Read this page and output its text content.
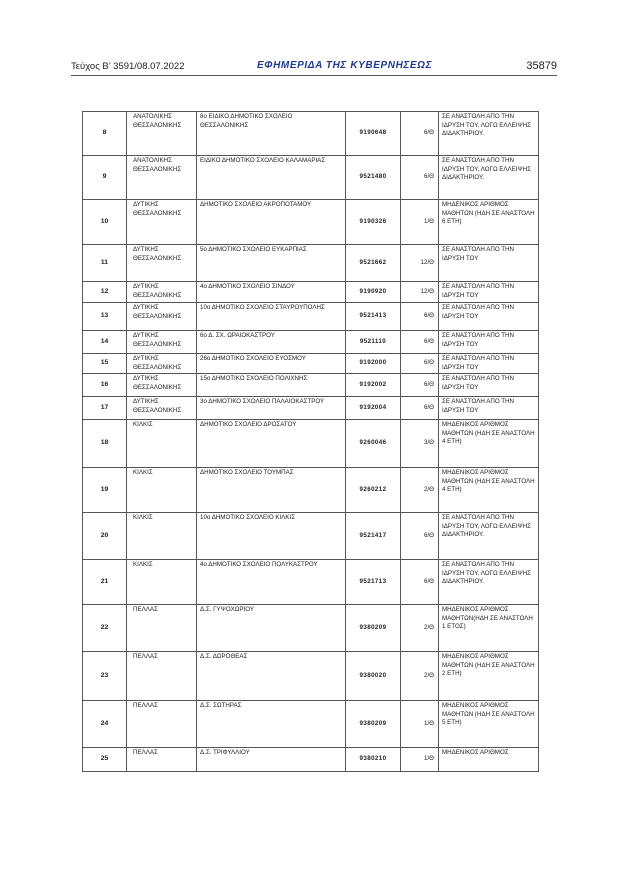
Τεύχος Β’ 3591/08.07.2022	ΕΦΗΜΕΡΙΔΑ ΤΗΣ ΚΥΒΕΡΝΗΣΕΩΣ	35879
8	ΑΝΑΤΟΛΙΚΗΣ ΘΕΣΣΑΛΟΝΙΚΗΣ	8ο ΕΙΔΙΚΟ ΔΗΜΟΤΙΚΟ ΣΧΟΛΕΙΟ ΘΕΣΣΑΛΟΝΙΚΗΣ	9190648	6/Θ	ΣΕ ΑΝΑΣΤΟΛΗ ΑΠΟ ΤΗΝ ΙΔΡΥΣΗ ΤΟΥ, ΛΟΓΩ ΕΛΛΕΙΨΗΣ ΔΙΔΑΚΤΗΡΙΟΥ.
9	ΑΝΑΤΟΛΙΚΗΣ ΘΕΣΣΑΛΟΝΙΚΗΣ	ΕΙΔΙΚΟ ΔΗΜΟΤΙΚΟ ΣΧΟΛΕΙΟ ΚΑΛΑΜΑΡΙΑΣ	9521480	6/Θ	ΣΕ ΑΝΑΣΤΟΛΗ ΑΠΟ ΤΗΝ ΙΔΡΥΣΗ ΤΟΥ, ΛΟΓΩ ΕΛΛΕΙΨΗΣ ΔΙΔΑΚΤΗΡΙΟΥ.
10	ΔΥΤΙΚΗΣ ΘΕΣΣΑΛΟΝΙΚΗΣ	ΔΗΜΟΤΙΚΟ ΣΧΟΛΕΙΟ ΑΚΡΟΠΟΤΑΜΟΥ	9190326	1/Θ	ΜΗΔΕΝΙΚΟΣ ΑΡΙΘΜΟΣ ΜΑΘΗΤΩΝ (ΗΔΗ ΣΕ ΑΝΑΣΤΟΛΗ 6 ΕΤΗ)
11	ΔΥΤΙΚΗΣ ΘΕΣΣΑΛΟΝΙΚΗΣ	5ο ΔΗΜΟΤΙΚΟ ΣΧΟΛΕΙΟ ΕΥΚΑΡΠΙΑΣ	9521662	12/Θ	ΣΕ ΑΝΑΣΤΟΛΗ ΑΠΟ ΤΗΝ ΙΔΡΥΣΗ ΤΟΥ
12	ΔΥΤΙΚΗΣ ΘΕΣΣΑΛΟΝΙΚΗΣ	4ο ΔΗΜΟΤΙΚΟ ΣΧΟΛΕΙΟ ΣΙΝΔΟΥ	9190920	12/Θ	ΣΕ ΑΝΑΣΤΟΛΗ ΑΠΟ ΤΗΝ ΙΔΡΥΣΗ ΤΟΥ
13	ΔΥΤΙΚΗΣ ΘΕΣΣΑΛΟΝΙΚΗΣ	10ο ΔΗΜΟΤΙΚΟ ΣΧΟΛΕΙΟ ΣΤΑΥΡΟΥΠΟΛΗΣ	9521413	6/Θ	ΣΕ ΑΝΑΣΤΟΛΗ ΑΠΟ ΤΗΝ ΙΔΡΥΣΗ ΤΟΥ
14	ΔΥΤΙΚΗΣ ΘΕΣΣΑΛΟΝΙΚΗΣ	6ο Δ. ΣΧ. ΩΡΑΙΟΚΑΣΤΡΟΥ	9521110	6/Θ	ΣΕ ΑΝΑΣΤΟΛΗ ΑΠΟ ΤΗΝ ΙΔΡΥΣΗ ΤΟΥ
15	ΔΥΤΙΚΗΣ ΘΕΣΣΑΛΟΝΙΚΗΣ	26ο ΔΗΜΟΤΙΚΟ ΣΧΟΛΕΙΟ ΕΥΟΣΜΟΥ	9192000	6/Θ	ΣΕ ΑΝΑΣΤΟΛΗ ΑΠΟ ΤΗΝ ΙΔΡΥΣΗ ΤΟΥ
16	ΔΥΤΙΚΗΣ ΘΕΣΣΑΛΟΝΙΚΗΣ	15ο ΔΗΜΟΤΙΚΟ ΣΧΟΛΕΙΟ ΠΟΛΙΧΝΗΣ	9192002	6/Θ	ΣΕ ΑΝΑΣΤΟΛΗ ΑΠΟ ΤΗΝ ΙΔΡΥΣΗ ΤΟΥ
17	ΔΥΤΙΚΗΣ ΘΕΣΣΑΛΟΝΙΚΗΣ	3ο ΔΗΜΟΤΙΚΟ ΣΧΟΛΕΙΟ ΠΑΛΑΙΟΚΑΣΤΡΟΥ	9192004	6/Θ	ΣΕ ΑΝΑΣΤΟΛΗ ΑΠΟ ΤΗΝ ΙΔΡΥΣΗ ΤΟΥ
18	ΚΙΛΚΙΣ	ΔΗΜΟΤΙΚΟ ΣΧΟΛΕΙΟ ΔΡΟΣΑΤΟΥ	9260046	3/Θ	ΜΗΔΕΝΙΚΟΣ ΑΡΙΘΜΟΣ ΜΑΘΗΤΩΝ (ΗΔΗ ΣΕ ΑΝΑΣΤΟΛΗ 4 ΕΤΗ)
19	ΚΙΛΚΙΣ	ΔΗΜΟΤΙΚΟ ΣΧΟΛΕΙΟ ΤΟΥΜΠΑΣ	9260212	2/Θ	ΜΗΔΕΝΙΚΟΣ ΑΡΙΘΜΟΣ ΜΑΘΗΤΩΝ (ΗΔΗ ΣΕ ΑΝΑΣΤΟΛΗ 4 ΕΤΗ)
20	ΚΙΛΚΙΣ	10ο ΔΗΜΟΤΙΚΟ ΣΧΟΛΕΙΟ ΚΙΛΚΙΣ	9521417	6/Θ	ΣΕ ΑΝΑΣΤΟΛΗ ΑΠΟ ΤΗΝ ΙΔΡΥΣΗ ΤΟΥ, ΛΟΓΩ ΕΛΛΕΙΨΗΣ ΔΙΔΑΚΤΗΡΙΟΥ.
21	ΚΙΛΚΙΣ	4ο ΔΗΜΟΤΙΚΟ ΣΧΟΛΕΙΟ ΠΟΛΥΚΑΣΤΡΟΥ	9521713	6/Θ	ΣΕ ΑΝΑΣΤΟΛΗ ΑΠΟ ΤΗΝ ΙΔΡΥΣΗ ΤΟΥ, ΛΟΓΩ ΕΛΛΕΙΨΗΣ ΔΙΔΑΚΤΗΡΙΟΥ.
22	ΠΕΛΛΑΣ	Δ.Σ. ΓΥΨΟΧΩΡΙΟΥ	9380209	2/Θ	ΜΗΔΕΝΙΚΟΣ ΑΡΙΘΜΟΣ ΜΑΘΗΤΩΝ(ΗΔΗ ΣΕ ΑΝΑΣΤΟΛΗ 1 ΕΤΟΣ)
23	ΠΕΛΛΑΣ	Δ.Σ. ΔΩΡΟΘΕΑΣ	9380020	2/Θ	ΜΗΔΕΝΙΚΟΣ ΑΡΙΘΜΟΣ ΜΑΘΗΤΩΝ (ΗΔΗ ΣΕ ΑΝΑΣΤΟΛΗ 2 ΕΤΗ)
24	ΠΕΛΛΑΣ	Δ.Σ. ΣΩΤΗΡΑΣ	9380209	1/Θ	ΜΗΔΕΝΙΚΟΣ ΑΡΙΘΜΟΣ ΜΑΘΗΤΩΝ (ΗΔΗ ΣΕ ΑΝΑΣΤΟΛΗ 5 ΕΤΗ)
25	ΠΕΛΛΑΣ	Δ.Σ. ΤΡΙΦΥΛΛΙΟΥ	9380210	1/Θ	ΜΗΔΕΝΙΚΟΣ ΑΡΙΘΜΟΣ
